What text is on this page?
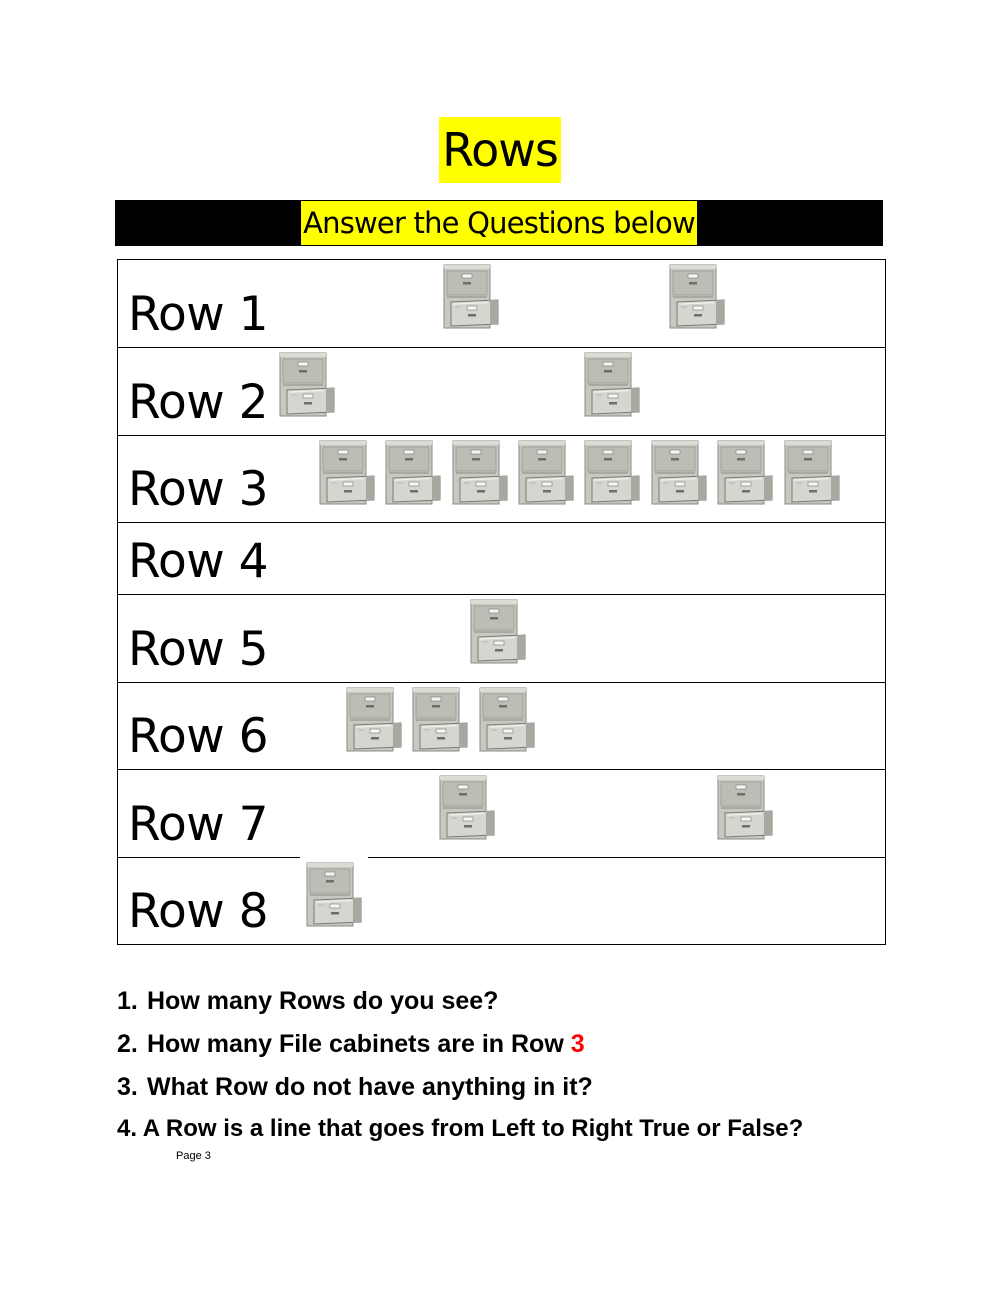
Rows
Answer the Questions below
Row 1
Row 2
Row 3
Row 4
Row 5
Row 6
Row 7
Row 8
1. How many Rows do you see?
2. How many File cabinets are in Row 3
3. What Row do not have anything in it?
4. A Row is a line that goes from Left to Right True or False?
Page 3
